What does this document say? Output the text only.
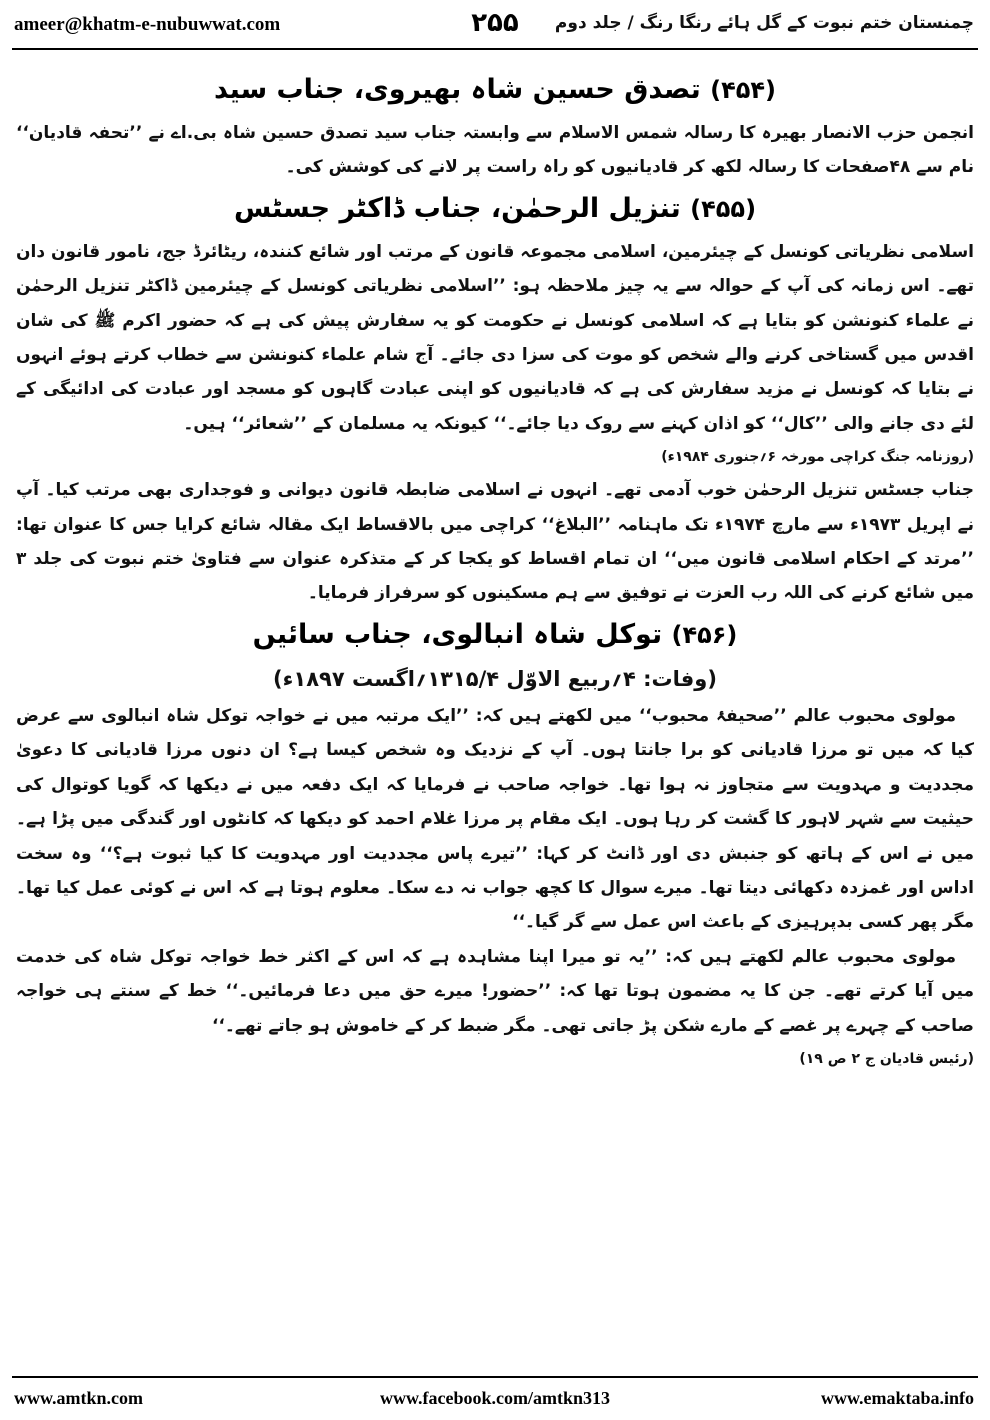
ameer@khatm-e-nubuwwat.com	۲۵۵	چمنستان ختم نبوت کے گل ہائے رنگا رنگ / جلد دوم
(۴۵۴) تصدق حسین شاہ بھیروی، جناب سید

انجمن حزب الانصار بھیرہ کا رسالہ شمس الاسلام سے وابستہ جناب سید تصدق حسین شاہ بی.اے نے ’’تحفہ قادیان‘‘ نام سے ۴۸صفحات کا رسالہ لکھ کر قادیانیوں کو راہ راست پر لانے کی کوشش کی۔

(۴۵۵) تنزیل الرحمٰن، جناب ڈاکٹر جسٹس

اسلامی نظریاتی کونسل کے چیئرمین، اسلامی مجموعہ قانون کے مرتب اور شائع کنندہ، ریٹائرڈ جج، نامور قانون دان تھے۔ اس زمانہ کی آپ کے حوالہ سے یہ چیز ملاحظہ ہو: ’’اسلامی نظریاتی کونسل کے چیئرمین ڈاکٹر تنزیل الرحمٰن نے علماء کنونشن کو بتایا ہے کہ اسلامی کونسل نے حکومت کو یہ سفارش پیش کی ہے کہ حضور اکرم ﷺ کی شان اقدس میں گستاخی کرنے والے شخص کو موت کی سزا دی جائے۔ آج شام علماء کنونشن سے خطاب کرتے ہوئے انہوں نے بتایا کہ کونسل نے مزید سفارش کی ہے کہ قادیانیوں کو اپنی عبادت گاہوں کو مسجد اور عبادت کی ادائیگی کے لئے دی جانے والی ’’کال‘‘ کو اذان کہنے سے روک دیا جائے۔‘‘ کیونکہ یہ مسلمان کے ’’شعائر‘‘ ہیں۔

(روزنامہ جنگ کراچی مورخہ ۶؍جنوری ۱۹۸۴ء)

جناب جسٹس تنزیل الرحمٰن خوب آدمی تھے۔ انہوں نے اسلامی ضابطہ قانون دیوانی و فوجداری بھی مرتب کیا۔ آپ نے اپریل ۱۹۷۳ء سے مارچ ۱۹۷۴ء تک ماہنامہ ’’البلاغ‘‘ کراچی میں بالاقساط ایک مقالہ شائع کرایا جس کا عنوان تھا: ’’مرتد کے احکام اسلامی قانون میں‘‘ ان تمام اقساط کو یکجا کر کے متذکرہ عنوان سے فتاویٰ ختم نبوت کی جلد ۳ میں شائع کرنے کی اللہ رب العزت نے توفیق سے ہم مسکینوں کو سرفراز فرمایا۔

(۴۵۶) توکل شاہ انبالوی، جناب سائیں
(وفات: ۴؍ربیع الاوّل ۱۳۱۵/۴؍اگست ۱۸۹۷ء)

مولوی محبوب عالم ’’صحیفۂ محبوب‘‘ میں لکھتے ہیں کہ: ’’ایک مرتبہ میں نے خواجہ توکل شاہ انبالوی سے عرض کیا کہ میں تو مرزا قادیانی کو برا جانتا ہوں۔ آپ کے نزدیک وہ شخص کیسا ہے؟ ان دنوں مرزا قادیانی کا دعویٰ مجددیت و مہدویت سے متجاوز نہ ہوا تھا۔ خواجہ صاحب نے فرمایا کہ ایک دفعہ میں نے دیکھا کہ گویا کوتوال کی حیثیت سے شہر لاہور کا گشت کر رہا ہوں۔ ایک مقام پر مرزا غلام احمد کو دیکھا کہ کانٹوں اور گندگی میں پڑا ہے۔ میں نے اس کے ہاتھ کو جنبش دی اور ڈانٹ کر کہا: ’’تیرے پاس مجددیت اور مہدویت کا کیا ثبوت ہے؟‘‘ وہ سخت اداس اور غمزدہ دکھائی دیتا تھا۔ میرے سوال کا کچھ جواب نہ دے سکا۔ معلوم ہوتا ہے کہ اس نے کوئی عمل کیا تھا۔ مگر پھر کسی بدپرہیزی کے باعث اس عمل سے گر گیا۔‘‘

مولوی محبوب عالم لکھتے ہیں کہ: ’’یہ تو میرا اپنا مشاہدہ ہے کہ اس کے اکثر خط خواجہ توکل شاہ کی خدمت میں آیا کرتے تھے۔ جن کا یہ مضمون ہوتا تھا کہ: ’’حضور! میرے حق میں دعا فرمائیں۔‘‘ خط کے سنتے ہی خواجہ صاحب کے چہرے پر غصے کے مارے شکن پڑ جاتی تھی۔ مگر ضبط کر کے خاموش ہو جاتے تھے۔‘‘

(رئیس قادیان ج ۲ ص ۱۹)
www.amtkn.com	www.facebook.com/amtkn313	www.emaktaba.info
